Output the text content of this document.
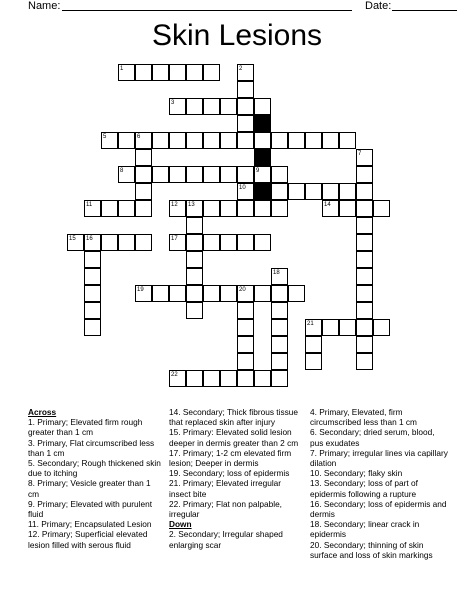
Name:	Date:
Skin Lesions
1
3
5	6
8	9
10
11	12 13	14
15 16	17
19	20
21
22
2
7
18

Across

1. Primary; Elevated firm rough greater than 1 cm

3. Primary, Flat circumscribed less than 1 cm

5. Secondary; Rough thickened skin due to itching

8. Primary; Vesicle greater than 1 cm

9. Primary; Elevated with purulent fluid

11. Primary; Encapsulated Lesion

12. Primary; Superficial elevated lesion filled with serous fluid

14. Secondary; Thick fibrous tissue that replaced skin after injury

15. Primary: Elevated solid lesion deeper in dermis greater than 2 cm

17. Primary; 1-2 cm elevated firm lesion; Deeper in dermis

19. Secondary; loss of epidermis

21. Primary; Elevated irregular insect bite

22. Primary; Flat non palpable, irregular

Down

2. Secondary; Irregular shaped enlarging scar

4. Primary, Elevated, firm circumscribed less than 1 cm

6. Secondary; dried serum, blood, pus exudates

7. Primary; irregular lines via capillary dilation

10. Secondary; flaky skin

13. Secondary; loss of part of epidermis following a rupture

16. Secondary; loss of epidermis and dermis

18. Secondary; linear crack in epidermis

20. Secondary; thinning of skin surface and loss of skin markings
